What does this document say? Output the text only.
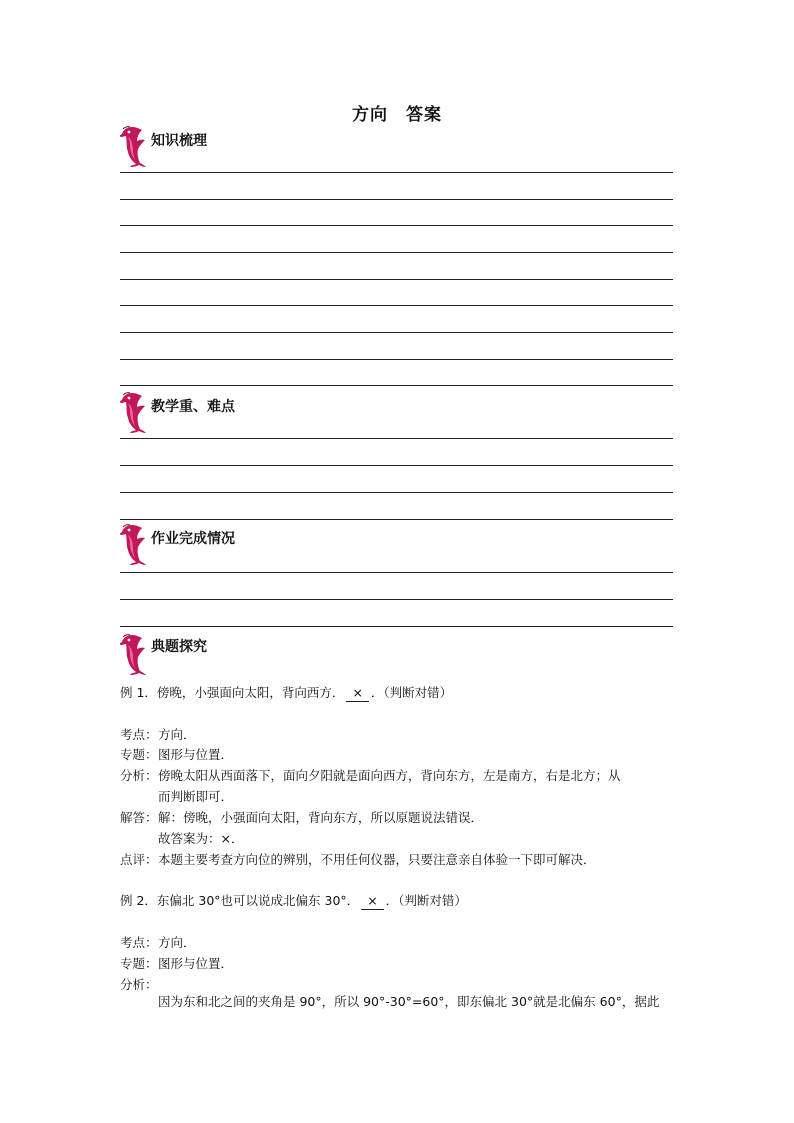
方向　答案
知识梳理
教学重、难点
作业完成情况
典题探究
例 1．傍晚，小强面向太阳，背向西方． × ．（判断对错）
考点：方向．
专题：图形与位置．
分析：傍晚太阳从西面落下，面向夕阳就是面向西方，背向东方，左是南方，右是北方；从
而判断即可．
解答：解：傍晚，小强面向太阳，背向东方，所以原题说法错误．
故答案为：×．
点评：本题主要考查方向位的辨别，不用任何仪器，只要注意亲自体验一下即可解决．
例 2．东偏北 30°也可以说成北偏东 30°． × ．（判断对错）
考点：方向．
专题：图形与位置．
分析：
因为东和北之间的夹角是 90°，所以 90°-30°=60°，即东偏北 30°就是北偏东 60°，据此
